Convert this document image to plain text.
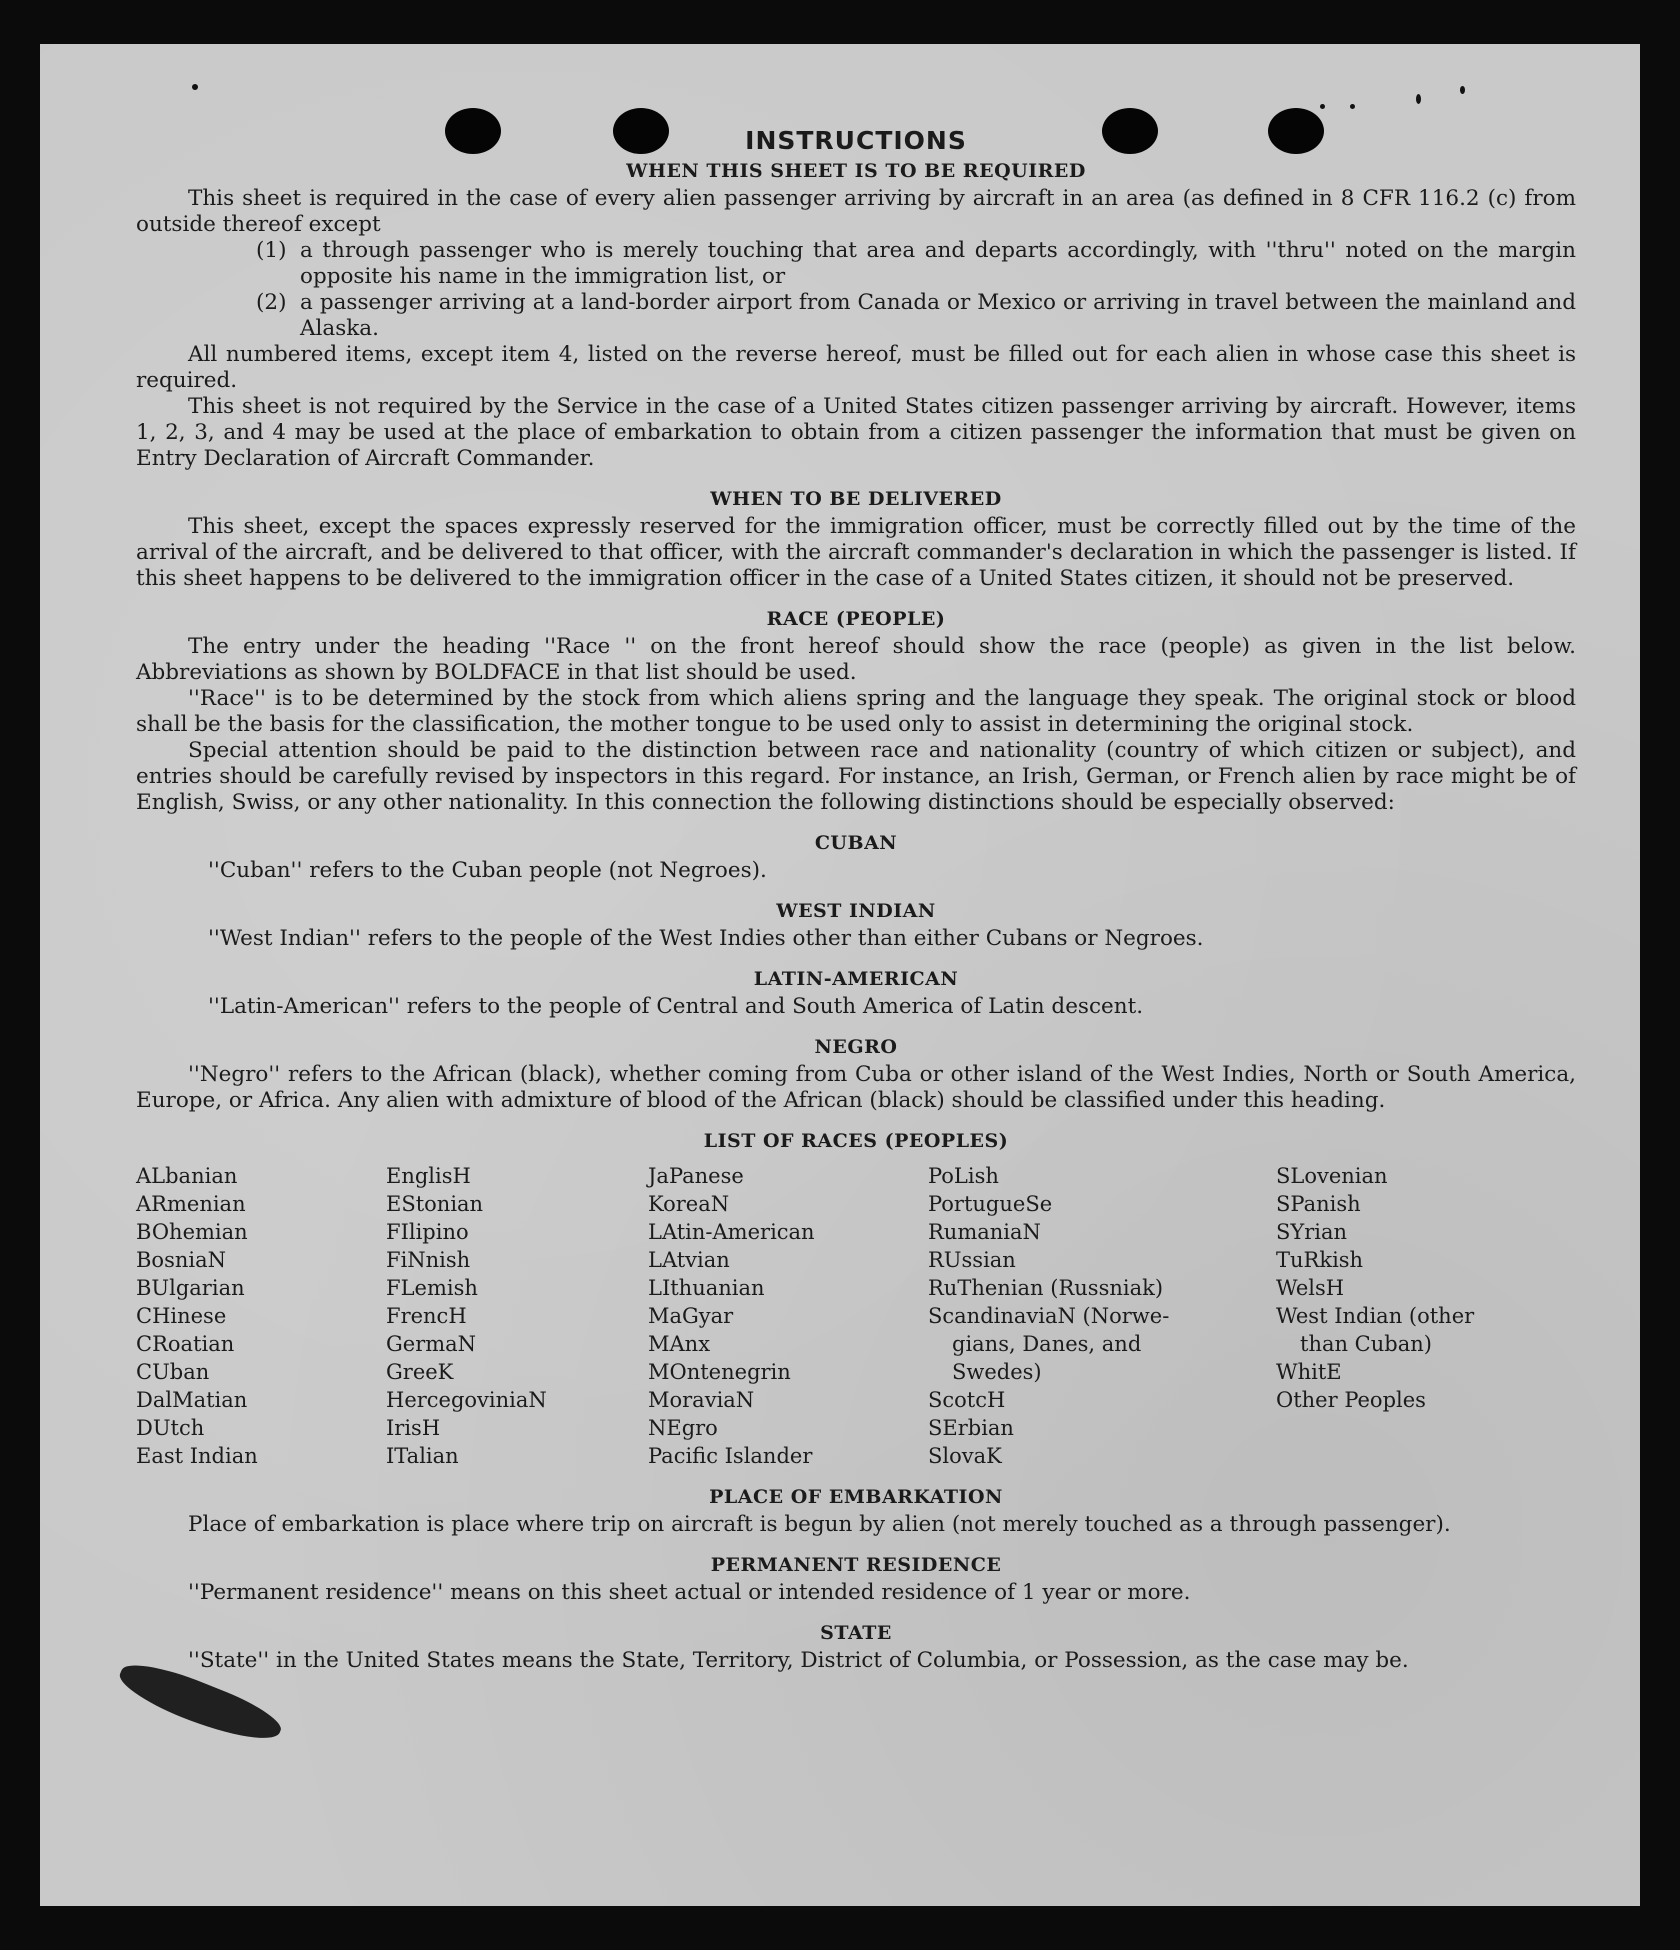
INSTRUCTIONS
WHEN THIS SHEET IS TO BE REQUIRED

This sheet is required in the case of every alien passenger arriving by aircraft in an area (as defined in 8 CFR 116.2 (c) from outside thereof except

(1) a through passenger who is merely touching that area and departs accordingly, with ''thru'' noted on the margin opposite his name in the immigration list, or
(2) a passenger arriving at a land-border airport from Canada or Mexico or arriving in travel between the mainland and Alaska.

All numbered items, except item 4, listed on the reverse hereof, must be filled out for each alien in whose case this sheet is required.

This sheet is not required by the Service in the case of a United States citizen passenger arriving by aircraft. However, items 1, 2, 3, and 4 may be used at the place of embarkation to obtain from a citizen passenger the information that must be given on Entry Declaration of Aircraft Commander.

WHEN TO BE DELIVERED

This sheet, except the spaces expressly reserved for the immigration officer, must be correctly filled out by the time of the arrival of the aircraft, and be delivered to that officer, with the aircraft commander's declaration in which the passenger is listed. If this sheet happens to be delivered to the immigration officer in the case of a United States citizen, it should not be preserved.

RACE (PEOPLE)

The entry under the heading ''Race '' on the front hereof should show the race (people) as given in the list below. Abbreviations as shown by BOLDFACE in that list should be used.

''Race'' is to be determined by the stock from which aliens spring and the language they speak. The original stock or blood shall be the basis for the classification, the mother tongue to be used only to assist in determining the original stock.

Special attention should be paid to the distinction between race and nationality (country of which citizen or subject), and entries should be carefully revised by inspectors in this regard. For instance, an Irish, German, or French alien by race might be of English, Swiss, or any other nationality. In this connection the following distinctions should be especially observed:

CUBAN

''Cuban'' refers to the Cuban people (not Negroes).

WEST INDIAN

''West Indian'' refers to the people of the West Indies other than either Cubans or Negroes.

LATIN-AMERICAN

''Latin-American'' refers to the people of Central and South America of Latin descent.

NEGRO

''Negro'' refers to the African (black), whether coming from Cuba or other island of the West Indies, North or South America, Europe, or Africa. Any alien with admixture of blood of the African (black) should be classified under this heading.

LIST OF RACES (PEOPLES)
ALbanian
ARmenian
BOhemian
BosniaN
BUlgarian
CHinese
CRoatian
CUban
DalMatian
DUtch
East Indian
EnglisH
EStonian
FIlipino
FiNnish
FLemish
FrencH
GermaN
GreeK
HercegoviniaN
IrisH
ITalian
JaPanese
KoreaN
LAtin-American
LAtvian
LIthuanian
MaGyar
MAnx
MOntenegrin
MoraviaN
NEgro
Pacific Islander
PoLish
PortugueSe
RumaniaN
RUssian
RuThenian (Russniak)
ScandinaviaN (Norwe-
gians, Danes, and
Swedes)
ScotcH
SErbian
SlovaK
SLovenian
SPanish
SYrian
TuRkish
WelsH
West Indian (other
than Cuban)
WhitE
Other Peoples
PLACE OF EMBARKATION

Place of embarkation is place where trip on aircraft is begun by alien (not merely touched as a through passenger).

PERMANENT RESIDENCE

''Permanent residence'' means on this sheet actual or intended residence of 1 year or more.

STATE

''State'' in the United States means the State, Territory, District of Columbia, or Possession, as the case may be.
